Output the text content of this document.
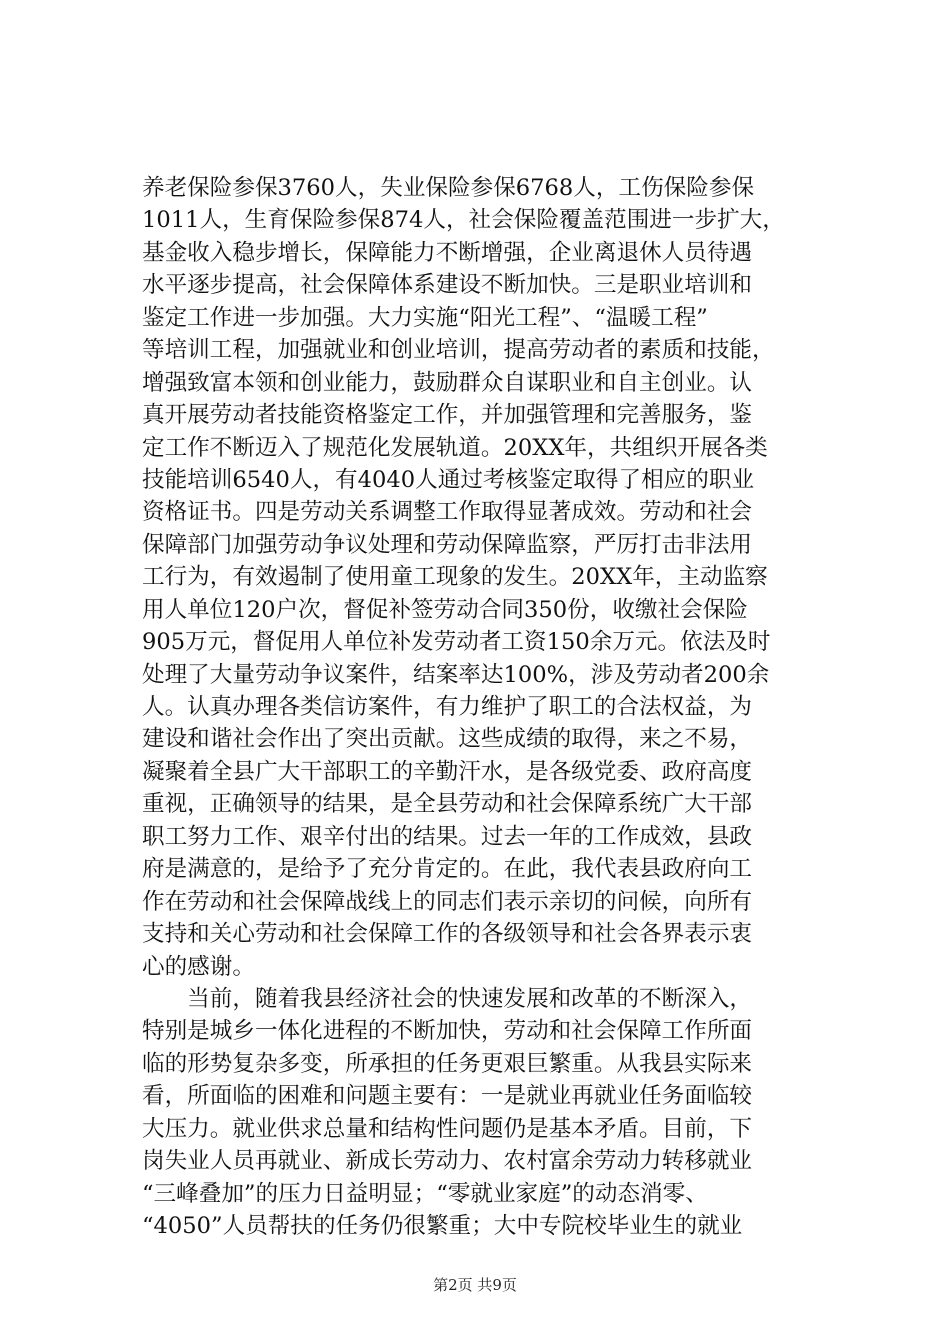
养老保险参保3760人，失业保险参保6768人，工伤保险参保
1011人，生育保险参保874人，社会保险覆盖范围进一步扩大，
基金收入稳步增长，保障能力不断增强，企业离退休人员待遇
水平逐步提高，社会保障体系建设不断加快。三是职业培训和
鉴定工作进一步加强。大力实施“阳光工程”、“温暖工程”
等培训工程，加强就业和创业培训，提高劳动者的素质和技能，
增强致富本领和创业能力，鼓励群众自谋职业和自主创业。认
真开展劳动者技能资格鉴定工作，并加强管理和完善服务，鉴
定工作不断迈入了规范化发展轨道。20XX年，共组织开展各类
技能培训6540人，有4040人通过考核鉴定取得了相应的职业
资格证书。四是劳动关系调整工作取得显著成效。劳动和社会
保障部门加强劳动争议处理和劳动保障监察，严厉打击非法用
工行为，有效遏制了使用童工现象的发生。20XX年，主动监察
用人单位120户次，督促补签劳动合同350份，收缴社会保险
905万元，督促用人单位补发劳动者工资150余万元。依法及时
处理了大量劳动争议案件，结案率达100%，涉及劳动者200余
人。认真办理各类信访案件，有力维护了职工的合法权益，为
建设和谐社会作出了突出贡献。这些成绩的取得，来之不易，
凝聚着全县广大干部职工的辛勤汗水，是各级党委、政府高度
重视，正确领导的结果，是全县劳动和社会保障系统广大干部
职工努力工作、艰辛付出的结果。过去一年的工作成效，县政
府是满意的，是给予了充分肯定的。在此，我代表县政府向工
作在劳动和社会保障战线上的同志们表示亲切的问候，向所有
支持和关心劳动和社会保障工作的各级领导和社会各界表示衷
心的感谢。
　　当前，随着我县经济社会的快速发展和改革的不断深入，
特别是城乡一体化进程的不断加快，劳动和社会保障工作所面
临的形势复杂多变，所承担的任务更艰巨繁重。从我县实际来
看，所面临的困难和问题主要有：一是就业再就业任务面临较
大压力。就业供求总量和结构性问题仍是基本矛盾。目前，下
岗失业人员再就业、新成长劳动力、农村富余劳动力转移就业
“三峰叠加”的压力日益明显；“零就业家庭”的动态消零、
“4050”人员帮扶的任务仍很繁重；大中专院校毕业生的就业
第2页 共9页
